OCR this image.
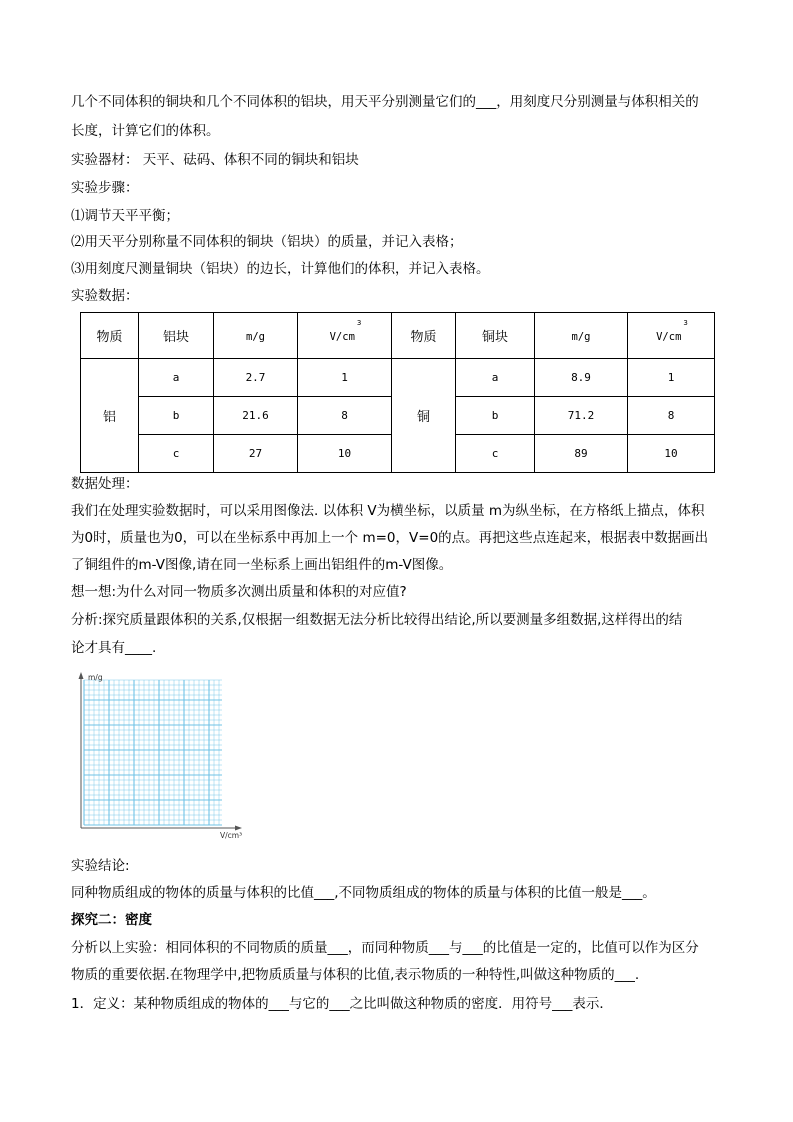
几个不同体积的铜块和几个不同体积的铝块，用天平分别测量它们的___，用刻度尺分别测量与体积相关的
长度，计算它们的体积。
实验器材： 天平、砝码、体积不同的铜块和铝块
实验步骤：
⑴调节天平平衡；
⑵用天平分别称量不同体积的铜块（铝块）的质量，并记入表格；
⑶用刻度尺测量铜块（铝块）的边长，计算他们的体积，并记入表格。
实验数据：
物质	铝块	m/g	$V/cm^3$	物质	铜块	m/g	$V/cm^3$
铝	a	2.7	1	铜	a	8.9	1
	b	21.6	8		b	71.2	8
	c	27	10		c	89	10
数据处理：
我们在处理实验数据时，可以采用图像法. 以体积 V为横坐标，以质量 m为纵坐标，在方格纸上描点，体积
为0时，质量也为0，可以在坐标系中再加上一个 m=0，V=0的点。再把这些点连起来，根据表中数据画出
了铜组件的m-V图像,请在同一坐标系上画出铝组件的m-V图像。
想一想:为什么对同一物质多次测出质量和体积的对应值?
分析:探究质量跟体积的关系,仅根据一组数据无法分析比较得出结论,所以要测量多组数据,这样得出的结
论才具有____.
m/g
V/cm³
实验结论:
同种物质组成的物体的质量与体积的比值___,不同物质组成的物体的质量与体积的比值一般是___。
探究二：密度
分析以上实验：相同体积的不同物质的质量___，而同种物质___与___的比值是一定的，比值可以作为区分
物质的重要依据.在物理学中,把物质质量与体积的比值,表示物质的一种特性,叫做这种物质的___.
1．定义：某种物质组成的物体的___与它的___之比叫做这种物质的密度．用符号___表示．
